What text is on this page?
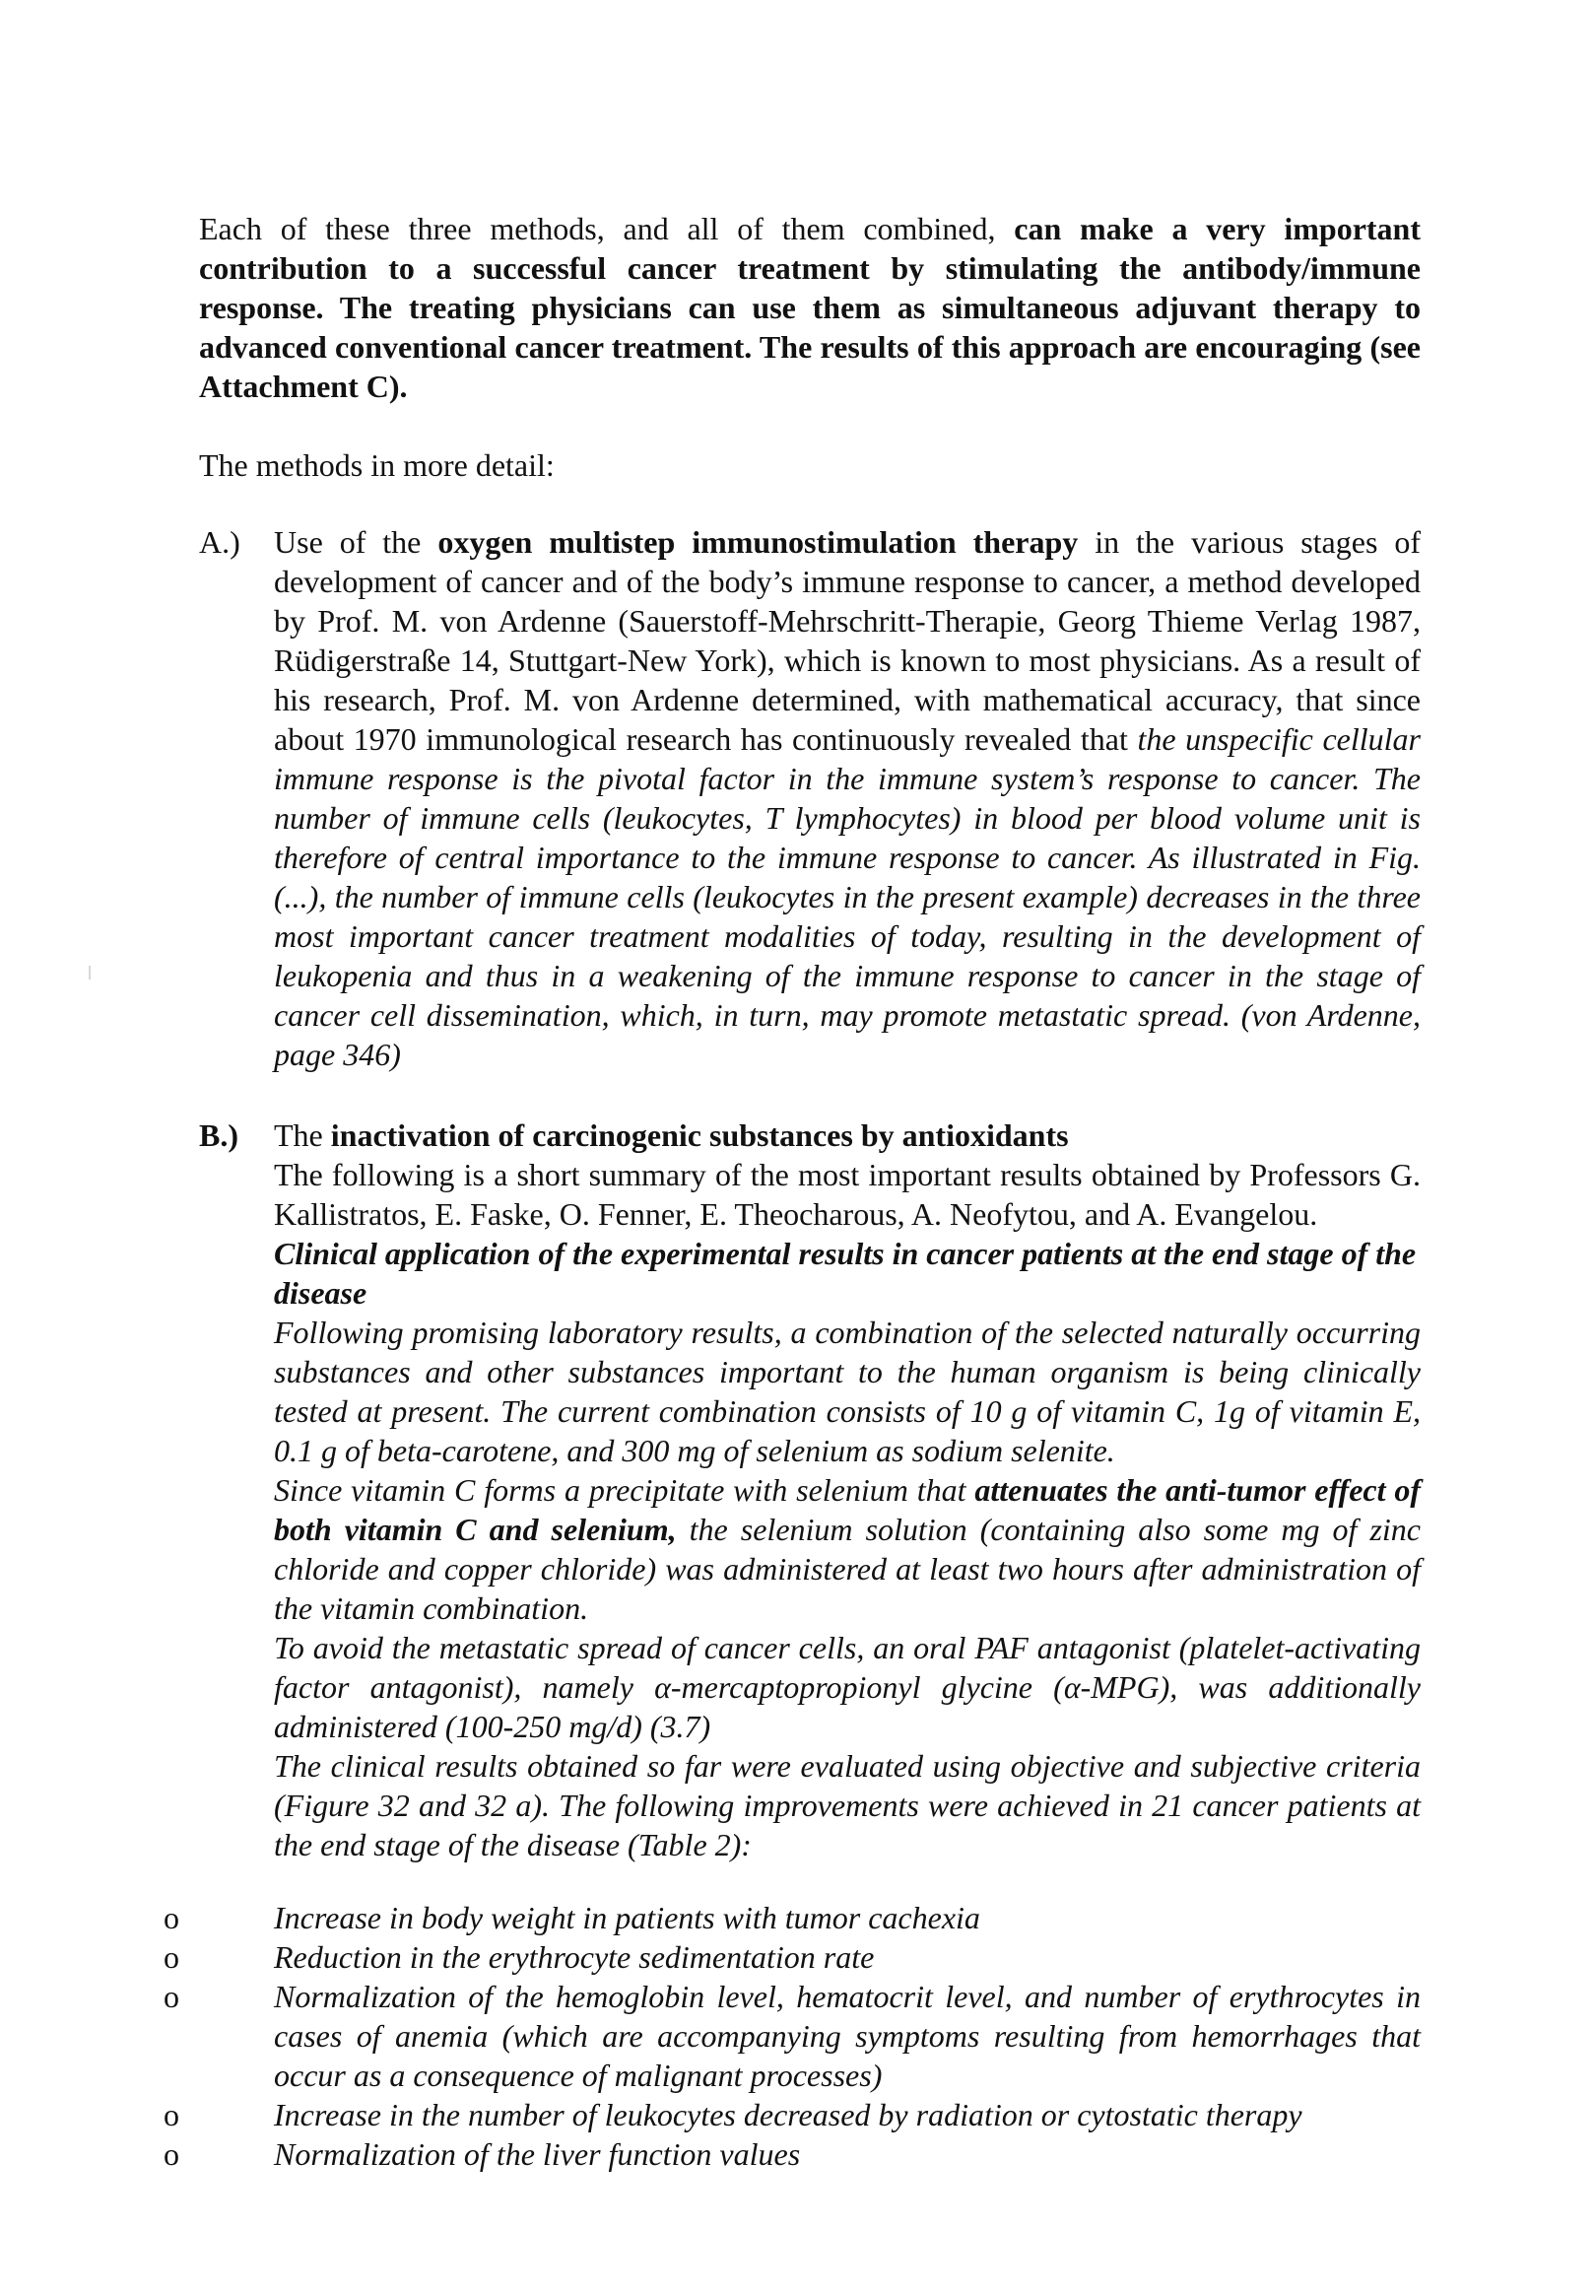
Each of these three methods, and all of them combined, can make a very important contribution to a successful cancer treatment by stimulating the antibody/immune response. The treating physicians can use them as simultaneous adjuvant therapy to advanced conventional cancer treatment. The results of this approach are encouraging (see Attachment C).

The methods in more detail:

A.)	Use of the oxygen multistep immunostimulation therapy in the various stages of development of cancer and of the body’s immune response to cancer, a method developed by Prof. M. von Ardenne (Sauerstoff-Mehrschritt-Therapie, Georg Thieme Verlag 1987, Rüdigerstraße 14, Stuttgart-New York), which is known to most physicians. As a result of his research, Prof. M. von Ardenne determined, with mathematical accuracy, that since about 1970 immunological research has continuously revealed that the unspecific cellular immune response is the pivotal factor in the immune system’s response to cancer. The number of immune cells (leukocytes, T lymphocytes) in blood per blood volume unit is therefore of central importance to the immune response to cancer. As illustrated in Fig. (...), the number of immune cells (leukocytes in the present example) decreases in the three most important cancer treatment modalities of today, resulting in the development of leukopenia and thus in a weakening of the immune response to cancer in the stage of cancer cell dissemination, which, in turn, may promote metastatic spread. (von Ardenne, page 346)

B.)	The inactivation of carcinogenic substances by antioxidants

The following is a short summary of the most important results obtained by Professors G. Kallistratos, E. Faske, O. Fenner, E. Theocharous, A. Neofytou, and A. Evangelou.

Clinical application of the experimental results in cancer patients at the end stage of the disease

Following promising laboratory results, a combination of the selected naturally occurring substances and other substances important to the human organism is being clinically tested at present. The current combination consists of 10 g of vitamin C, 1g of vitamin E, 0.1 g of beta-carotene, and 300 mg of selenium as sodium selenite.

Since vitamin C forms a precipitate with selenium that attenuates the anti-tumor effect of both vitamin C and selenium, the selenium solution (containing also some mg of zinc chloride and copper chloride) was administered at least two hours after administration of the vitamin combination.

To avoid the metastatic spread of cancer cells, an oral PAF antagonist (platelet-activating factor antagonist), namely α-mercaptopropionyl glycine (α-MPG), was additionally administered (100-250 mg/d) (3.7)

The clinical results obtained so far were evaluated using objective and subjective criteria (Figure 32 and 32 a). The following improvements were achieved in 21 cancer patients at the end stage of the disease (Table 2):

o	Increase in body weight in patients with tumor cachexia
o	Reduction in the erythrocyte sedimentation rate
o	Normalization of the hemoglobin level, hematocrit level, and number of erythrocytes in cases of anemia (which are accompanying symptoms resulting from hemorrhages that occur as a consequence of malignant processes)
o	Increase in the number of leukocytes decreased by radiation or cytostatic therapy
o	Normalization of the liver function values
